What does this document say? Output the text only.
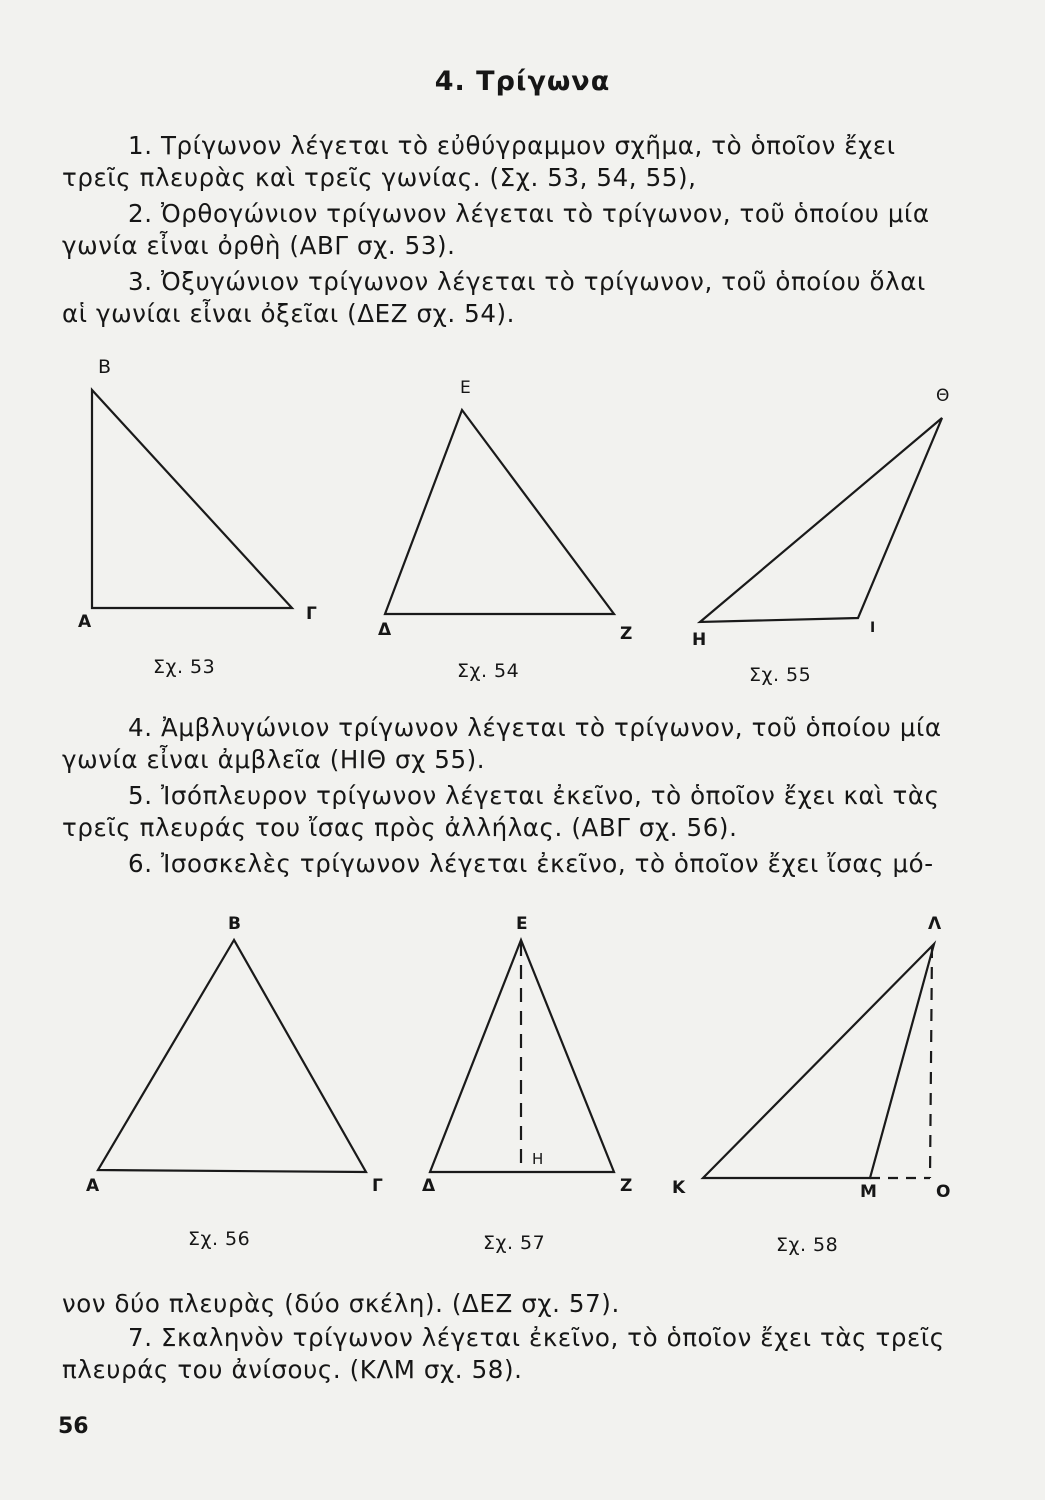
4. Τρίγωνα

1. Τρίγωνον λέγεται τὸ εὐθύγραμμον σχῆμα, τὸ ὁποῖον ἔχει
τρεῖς πλευρὰς καὶ τρεῖς γωνίας. (Σχ. 53, 54, 55),

2. Ὀρθογώνιον τρίγωνον λέγεται τὸ τρίγωνον, τοῦ ὁποίου μία
γωνία εἶναι ὀρθὴ (ΑΒΓ σχ. 53).

3. Ὀξυγώνιον τρίγωνον λέγεται τὸ τρίγωνον, τοῦ ὁποίου ὅλαι
αἱ γωνίαι εἶναι ὀξεῖαι (ΔΕΖ σχ. 54).

Β
Α	Γ
Σχ. 53
Ε
Δ	Ζ
Σχ. 54
Θ
Η
Ι
Σχ. 55

4. Ἀμβλυγώνιον τρίγωνον λέγεται τὸ τρίγωνον, τοῦ ὁποίου μία
γωνία εἶναι ἀμβλεῖα (ΗΙΘ σχ 55).

5. Ἰσόπλευρον τρίγωνον λέγεται ἐκεῖνο, τὸ ὁποῖον ἔχει καὶ τὰς
τρεῖς πλευράς του ἴσας πρὸς ἀλλήλας. (ΑΒΓ σχ. 56).

6. Ἰσοσκελὲς τρίγωνον λέγεται ἐκεῖνο, τὸ ὁποῖον ἔχει ἴσας μό-

Β
Α	Γ
Σχ. 56
Ε
Δ	Ζ
Η
Σχ. 57
Λ
Κ	Μ	Ο
Σχ. 58

νον δύο πλευρὰς (δύο σκέλη). (ΔΕΖ σχ. 57).

7. Σκαληνὸν τρίγωνον λέγεται ἐκεῖνο, τὸ ὁποῖον ἔχει τὰς τρεῖς
πλευράς του ἀνίσους. (ΚΛΜ σχ. 58).

56
